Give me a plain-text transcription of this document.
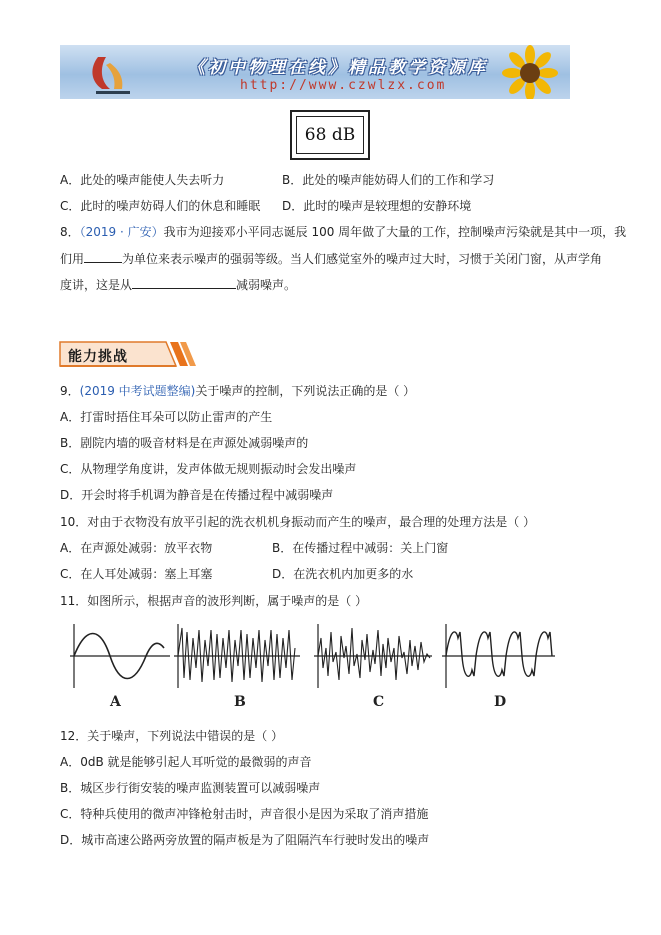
《初中物理在线》精品教学资源库
http://www.czwlzx.com
68 dB
A．此处的噪声能使人失去听力	B．此处的噪声能妨碍人们的工作和学习
C．此时的噪声妨碍人们的休息和睡眠 D．此时的噪声是较理想的安静环境
8．（2019 · 广安）我市为迎接邓小平同志诞辰 100 周年做了大量的工作，控制噪声污染就是其中一项，我
们用	为单位来表示噪声的强弱等级。当人们感觉室外的噪声过大时，习惯于关闭门窗，从声学角
度讲，这是从	减弱噪声。
能力挑战
9．(2019 中考试题整编)关于噪声的控制，下列说法正确的是（ ）
A．打雷时捂住耳朵可以防止雷声的产生
B．剧院内墙的吸音材料是在声源处减弱噪声的
C．从物理学角度讲，发声体做无规则振动时会发出噪声
D．开会时将手机调为静音是在传播过程中减弱噪声
10．对由于衣物没有放平引起的洗衣机机身振动而产生的噪声，最合理的处理方法是（ ）
A．在声源处减弱：放平衣物	B．在传播过程中减弱：关上门窗
C．在人耳处减弱：塞上耳塞	D．在洗衣机内加更多的水
11．如图所示，根据声音的波形判断，属于噪声的是（ ）
A	B	C	D
12．关于噪声，下列说法中错误的是（ ）
A．0dB 就是能够引起人耳听觉的最微弱的声音
B．城区步行街安装的噪声监测装置可以减弱噪声
C．特种兵使用的微声冲锋枪射击时，声音很小是因为采取了消声措施
D．城市高速公路两旁放置的隔声板是为了阻隔汽车行驶时发出的噪声
